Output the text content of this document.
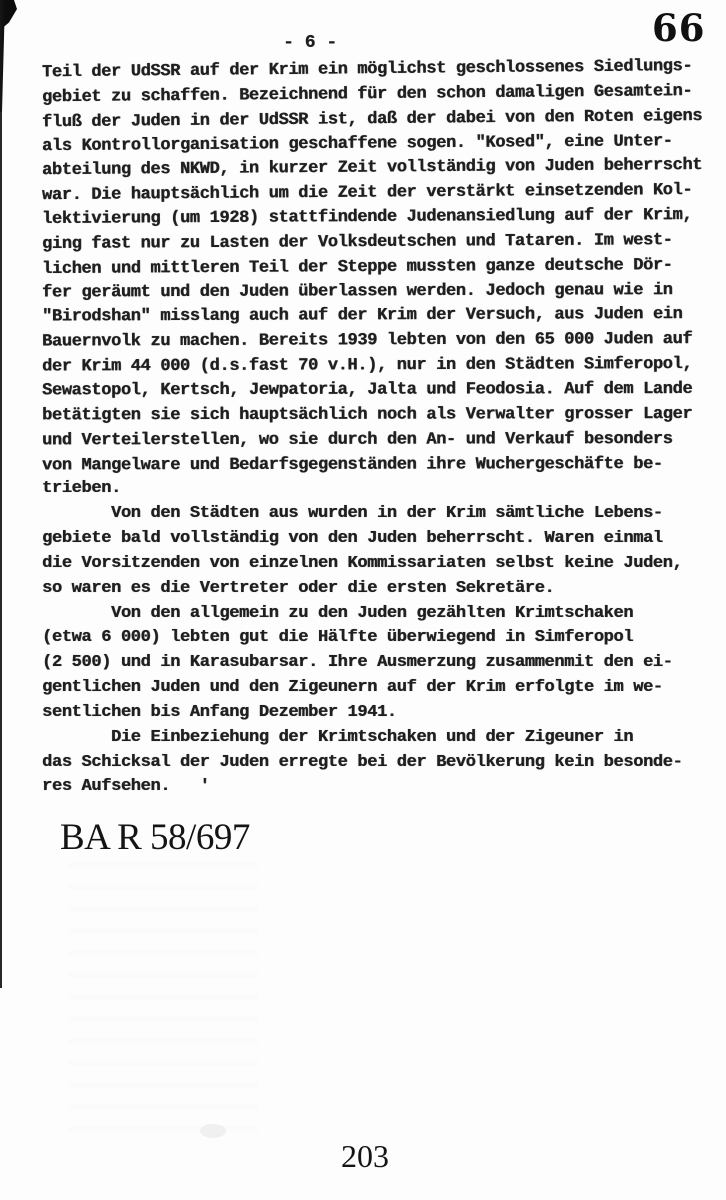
- 6 -	66
Teil der UdSSR auf der Krim ein möglichst geschlossenes Siedlungs-
gebiet zu schaffen. Bezeichnend für den schon damaligen Gesamtein-
fluß der Juden in der UdSSR ist, daß der dabei von den Roten eigens
als Kontrollorganisation geschaffene sogen. "Kosed", eine Unter-
abteilung des NKWD, in kurzer Zeit vollständig von Juden beherrscht
war. Die hauptsächlich um die Zeit der verstärkt einsetzenden Kol-
lektivierung (um 1928) stattfindende Judenansiedlung auf der Krim,
ging fast nur zu Lasten der Volksdeutschen und Tataren. Im west-
lichen und mittleren Teil der Steppe mussten ganze deutsche Dör-
fer geräumt und den Juden überlassen werden. Jedoch genau wie in
"Birodshan" misslang auch auf der Krim der Versuch, aus Juden ein
Bauernvolk zu machen. Bereits 1939 lebten von den 65 000 Juden auf
der Krim 44 000 (d.s.fast 70 v.H.), nur in den Städten Simferopol,
Sewastopol, Kertsch, Jewpatoria, Jalta und Feodosia. Auf dem Lande
betätigten sie sich hauptsächlich noch als Verwalter grosser Lager
und Verteilerstellen, wo sie durch den An- und Verkauf besonders
von Mangelware und Bedarfsgegenständen ihre Wuchergeschäfte be-
trieben.
Von den Städten aus wurden in der Krim sämtliche Lebens-
gebiete bald vollständig von den Juden beherrscht. Waren einmal
die Vorsitzenden von einzelnen Kommissariaten selbst keine Juden,
so waren es die Vertreter oder die ersten Sekretäre.
Von den allgemein zu den Juden gezählten Krimtschaken
(etwa 6 000) lebten gut die Hälfte überwiegend in Simferopol
(2 500) und in Karasubarsar. Ihre Ausmerzung zusammenmit den ei-
gentlichen Juden und den Zigeunern auf der Krim erfolgte im we-
sentlichen bis Anfang Dezember 1941.
Die Einbeziehung der Krimtschaken und der Zigeuner in
das Schicksal der Juden erregte bei der Bevölkerung kein besonde-
res Aufsehen.   '
BA R 58/697
203
